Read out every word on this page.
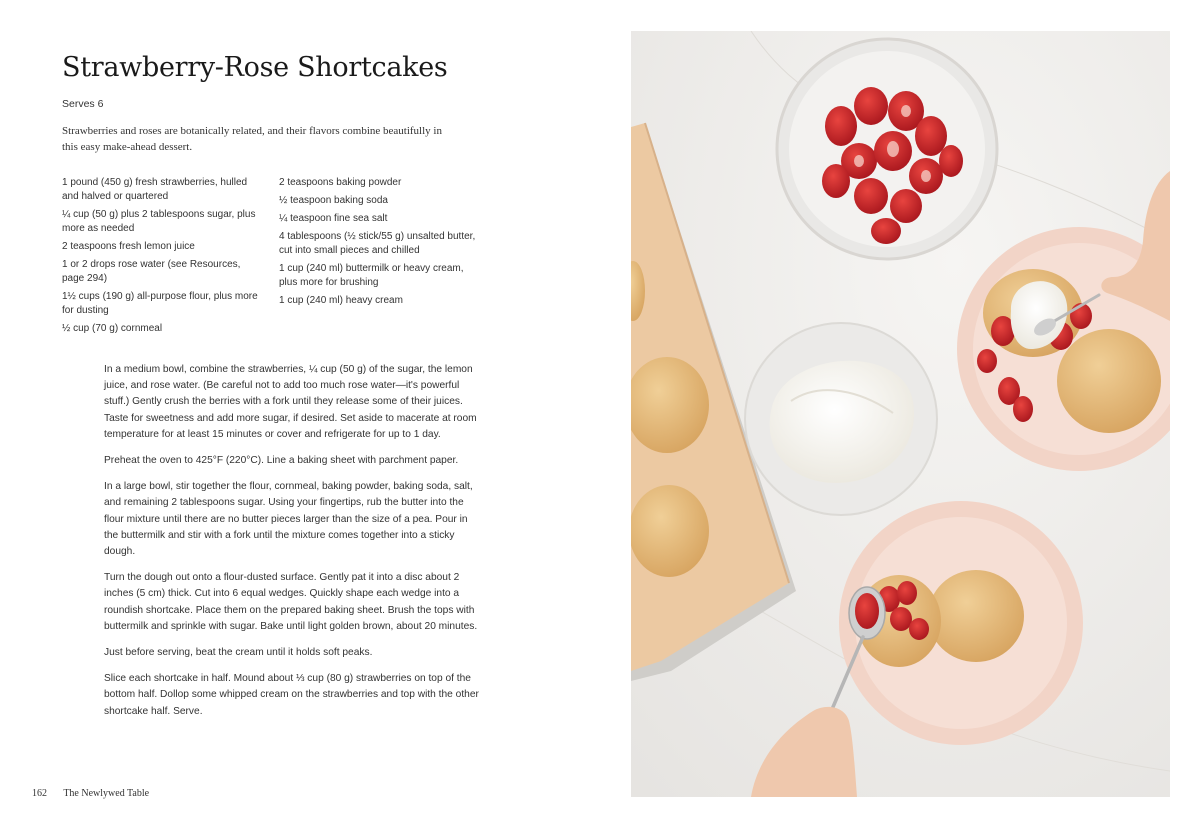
Strawberry-Rose Shortcakes
Serves 6

Strawberries and roses are botanically related, and their flavors combine beautifully in this easy make-ahead dessert.

1 pound (450 g) fresh strawberries, hulled and halved or quartered
¼ cup (50 g) plus 2 tablespoons sugar, plus more as needed
2 teaspoons fresh lemon juice
1 or 2 drops rose water (see Resources, page 294)
1½ cups (190 g) all-purpose flour, plus more for dusting
½ cup (70 g) cornmeal
2 teaspoons baking powder
½ teaspoon baking soda
¼ teaspoon fine sea salt
4 tablespoons (½ stick/55 g) unsalted butter, cut into small pieces and chilled
1 cup (240 ml) buttermilk or heavy cream, plus more for brushing
1 cup (240 ml) heavy cream

In a medium bowl, combine the strawberries, ¼ cup (50 g) of the sugar, the lemon juice, and rose water. (Be careful not to add too much rose water—it's powerful stuff.) Gently crush the berries with a fork until they release some of their juices. Taste for sweetness and add more sugar, if desired. Set aside to macerate at room temperature for at least 15 minutes or cover and refrigerate for up to 1 day.

Preheat the oven to 425°F (220°C). Line a baking sheet with parchment paper.

In a large bowl, stir together the flour, cornmeal, baking powder, baking soda, salt, and remaining 2 tablespoons sugar. Using your fingertips, rub the butter into the flour mixture until there are no butter pieces larger than the size of a pea. Pour in the buttermilk and stir with a fork until the mixture comes together into a sticky dough.

Turn the dough out onto a flour-dusted surface. Gently pat it into a disc about 2 inches (5 cm) thick. Cut into 6 equal wedges. Quickly shape each wedge into a roundish shortcake. Place them on the prepared baking sheet. Brush the tops with buttermilk and sprinkle with sugar. Bake until light golden brown, about 20 minutes.

Just before serving, beat the cream until it holds soft peaks.

Slice each shortcake in half. Mound about ⅓ cup (80 g) strawberries on top of the bottom half. Dollop some whipped cream on the strawberries and top with the other shortcake half. Serve.

162 The Newlywed Table
